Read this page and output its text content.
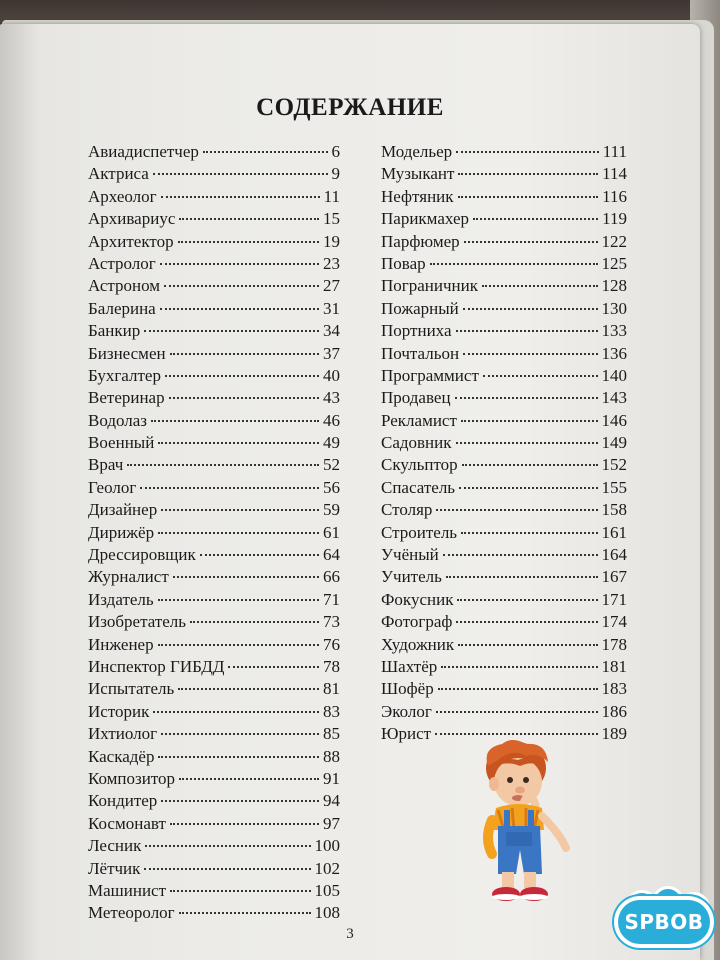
СОДЕРЖАНИЕ
Авиадиспетчер	6
Актриса	9
Археолог	11
Архивариус	15
Архитектор	19
Астролог	23
Астроном	27
Балерина	31
Банкир	34
Бизнесмен	37
Бухгалтер	40
Ветеринар	43
Водолаз	46
Военный	49
Врач	52
Геолог	56
Дизайнер	59
Дирижёр	61
Дрессировщик	64
Журналист	66
Издатель	71
Изобретатель	73
Инженер	76
Инспектор ГИБДД	78
Испытатель	81
Историк	83
Ихтиолог	85
Каскадёр	88
Композитор	91
Кондитер	94
Космонавт	97
Лесник	100
Лётчик	102
Машинист	105
Метеоролог	108
Модельер	111
Музыкант	114
Нефтяник	116
Парикмахер	119
Парфюмер	122
Повар	125
Пограничник	128
Пожарный	130
Портниха	133
Почтальон	136
Программист	140
Продавец	143
Рекламист	146
Садовник	149
Скульптор	152
Спасатель	155
Столяр	158
Строитель	161
Учёный	164
Учитель	167
Фокусник	171
Фотограф	174
Художник	178
Шахтёр	181
Шофёр	183
Эколог	186
Юрист	189
3	SPBOB
